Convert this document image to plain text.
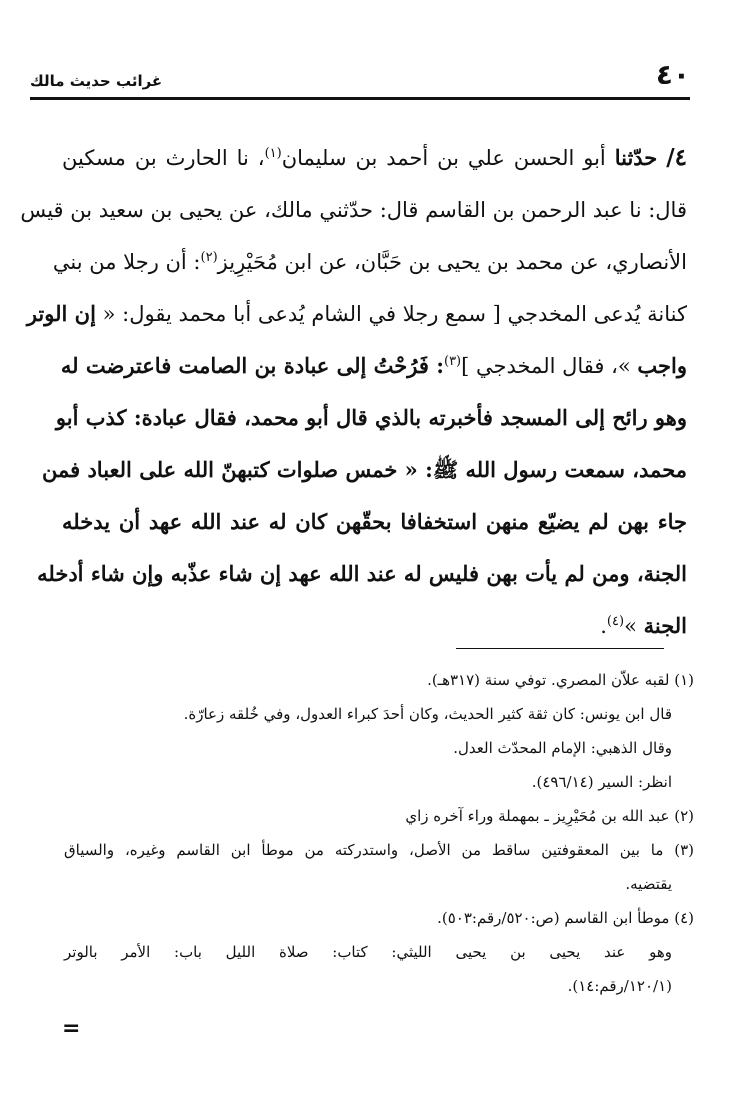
٤٠
غرائب حديث مالك
٤/ حدّثنا أبو الحسن علي بن أحمد بن سليمان$^{(١)}$، نا الحارث بن مسكين
قال: نا عبد الرحمن بن القاسم قال: حدّثني مالك، عن يحيى بن سعيد بن قيس
الأنصاري، عن محمد بن يحيى بن حَبَّان، عن ابن مُحَيْرِيز$^{(٢)}$: أن رجلا من بني
كنانة يُدعى المخدجي [ سمع رجلا في الشام يُدعى أبا محمد يقول: « إن الوتر
واجب »، فقال المخدجي ]$^{(٣)}$: فَرُحْتُ إلى عبادة بن الصامت فاعترضت له
وهو رائح إلى المسجد فأخبرته بالذي قال أبو محمد، فقال عبادة: كذب أبو
محمد، سمعت رسول الله ﷺ: « خمس صلوات كتبهنّ الله على العباد فمن
جاء بهن لم يضيّع منهن استخفافا بحقّهن كان له عند الله عهد أن يدخله
الجنة، ومن لم يأت بهن فليس له عند الله عهد إن شاء عذّبه وإن شاء أدخله
الجنة »$^{(٤)}$.
(١) لقبه علاّن المصري. توفي سنة (٣١٧هـ).
قال ابن يونس: كان ثقة كثير الحديث، وكان أحدَ كبراء العدول، وفي خُلقه زعارّة.
وقال الذهبي: الإمام المحدّث العدل.
انظر: السير (٤٩٦/١٤).
(٢) عبد الله بن مُحَيْرِيز ـ بمهملة وراء آخره زاي
(٣) ما بين المعقوفتين ساقط من الأصل، واستدركته من موطأ ابن القاسم وغيره، والسياق
يقتضيه.
(٤) موطأ ابن القاسم (ص:٥٢٠/رقم:٥٠٣).
وهو عند يحيى بن يحيى الليثي: كتاب: صلاة الليل باب: الأمر بالوتر
(١٢٠/١/رقم:١٤).
=
